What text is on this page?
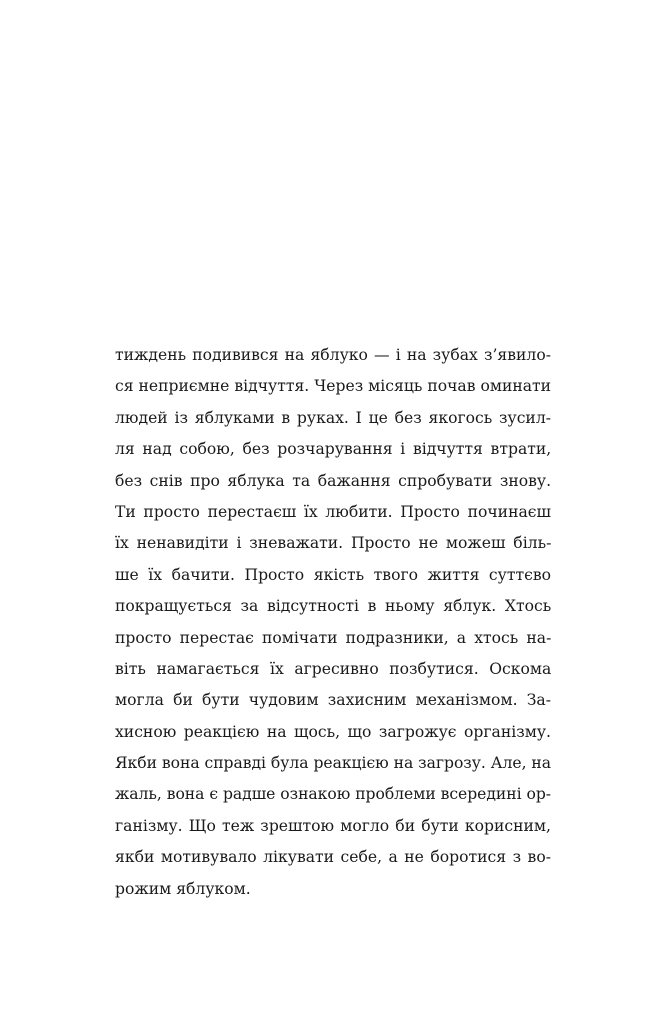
тиждень подивився на яблуко — і на зубах з’явило-
ся неприємне відчуття. Через місяць почав оминати
людей із яблуками в руках. І це без якогось зусил-
ля над собою, без розчарування і відчуття втрати,
без снів про яблука та бажання спробувати знову.
Ти просто перестаєш їх любити. Просто починаєш
їх ненавидіти і зневажати. Просто не можеш біль-
ше їх бачити. Просто якість твого життя суттєво
покращується за відсутності в ньому яблук. Хтось
просто перестає помічати подразники, а хтось на-
віть намагається їх агресивно позбутися. Оскома
могла би бути чудовим захисним механізмом. За-
хисною реакцією на щось, що загрожує організму.
Якби вона справді була реакцією на загрозу. Але, на
жаль, вона є радше ознакою проблеми всередині ор-
ганізму. Що теж зрештою могло би бути корисним,
якби мотивувало лікувати себе, а не боротися з во-
рожим яблуком.
